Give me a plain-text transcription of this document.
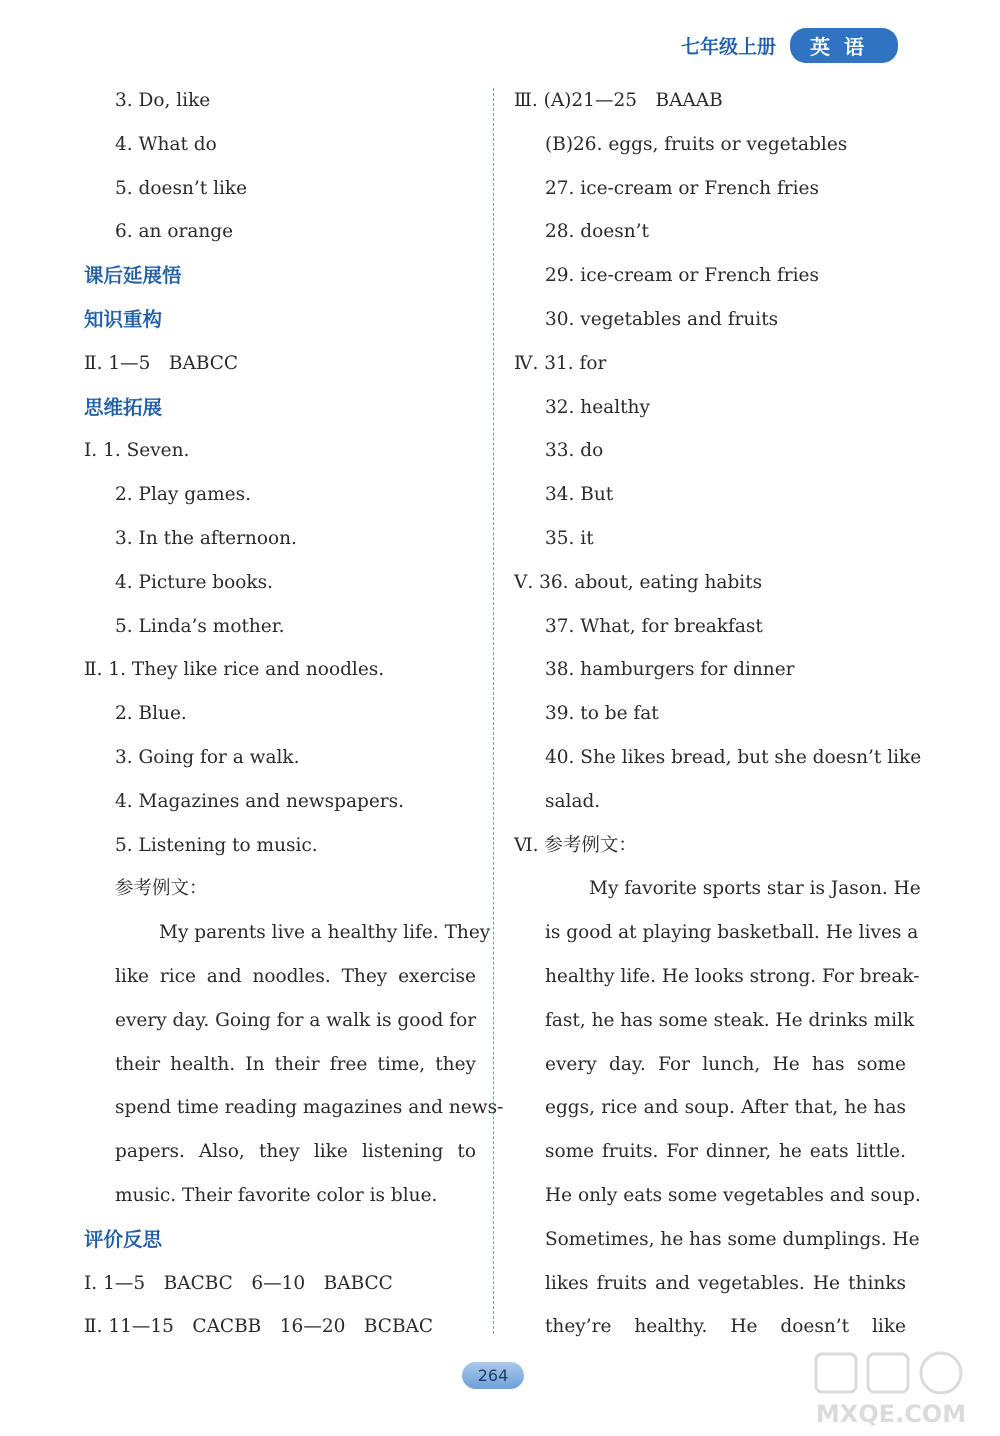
七年级上册	英语
3. Do, like
4. What do
5. doesn’t like
6. an orange
课后延展悟
知识重构
Ⅱ. 1—5　BABCC
思维拓展
Ⅰ. 1. Seven.
2. Play games.
3. In the afternoon.
4. Picture books.
5. Linda’s mother.
Ⅱ. 1. They like rice and noodles.
2. Blue.
3. Going for a walk.
4. Magazines and newspapers.
5. Listening to music.
参考例文：
My parents live a healthy life. They
like rice and noodles. They exercise
every day. Going for a walk is good for
their health. In their free time, they
spend time reading magazines and news-
papers. Also, they like listening to
music. Their favorite color is blue.
评价反思
Ⅰ. 1—5　BACBC　6—10　BABCC
Ⅱ. 11—15　CACBB　16—20　BCBAC
Ⅲ. (A)21—25　BAAAB
(B)26. eggs, fruits or vegetables
27. ice-cream or French fries
28. doesn’t
29. ice-cream or French fries
30. vegetables and fruits
Ⅳ. 31. for
32. healthy
33. do
34. But
35. it
Ⅴ. 36. about, eating habits
37. What, for breakfast
38. hamburgers for dinner
39. to be fat
40. She likes bread, but she doesn’t like
salad.
Ⅵ. 参考例文：
My favorite sports star is Jason. He
is good at playing basketball. He lives a
healthy life. He looks strong. For break-
fast, he has some steak. He drinks milk
every day. For lunch, He has some
eggs, rice and soup. After that, he has
some fruits. For dinner, he eats little.
He only eats some vegetables and soup.
Sometimes, he has some dumplings. He
likes fruits and vegetables. He thinks
they’re healthy. He doesn’t like
264
MXQE.COM
